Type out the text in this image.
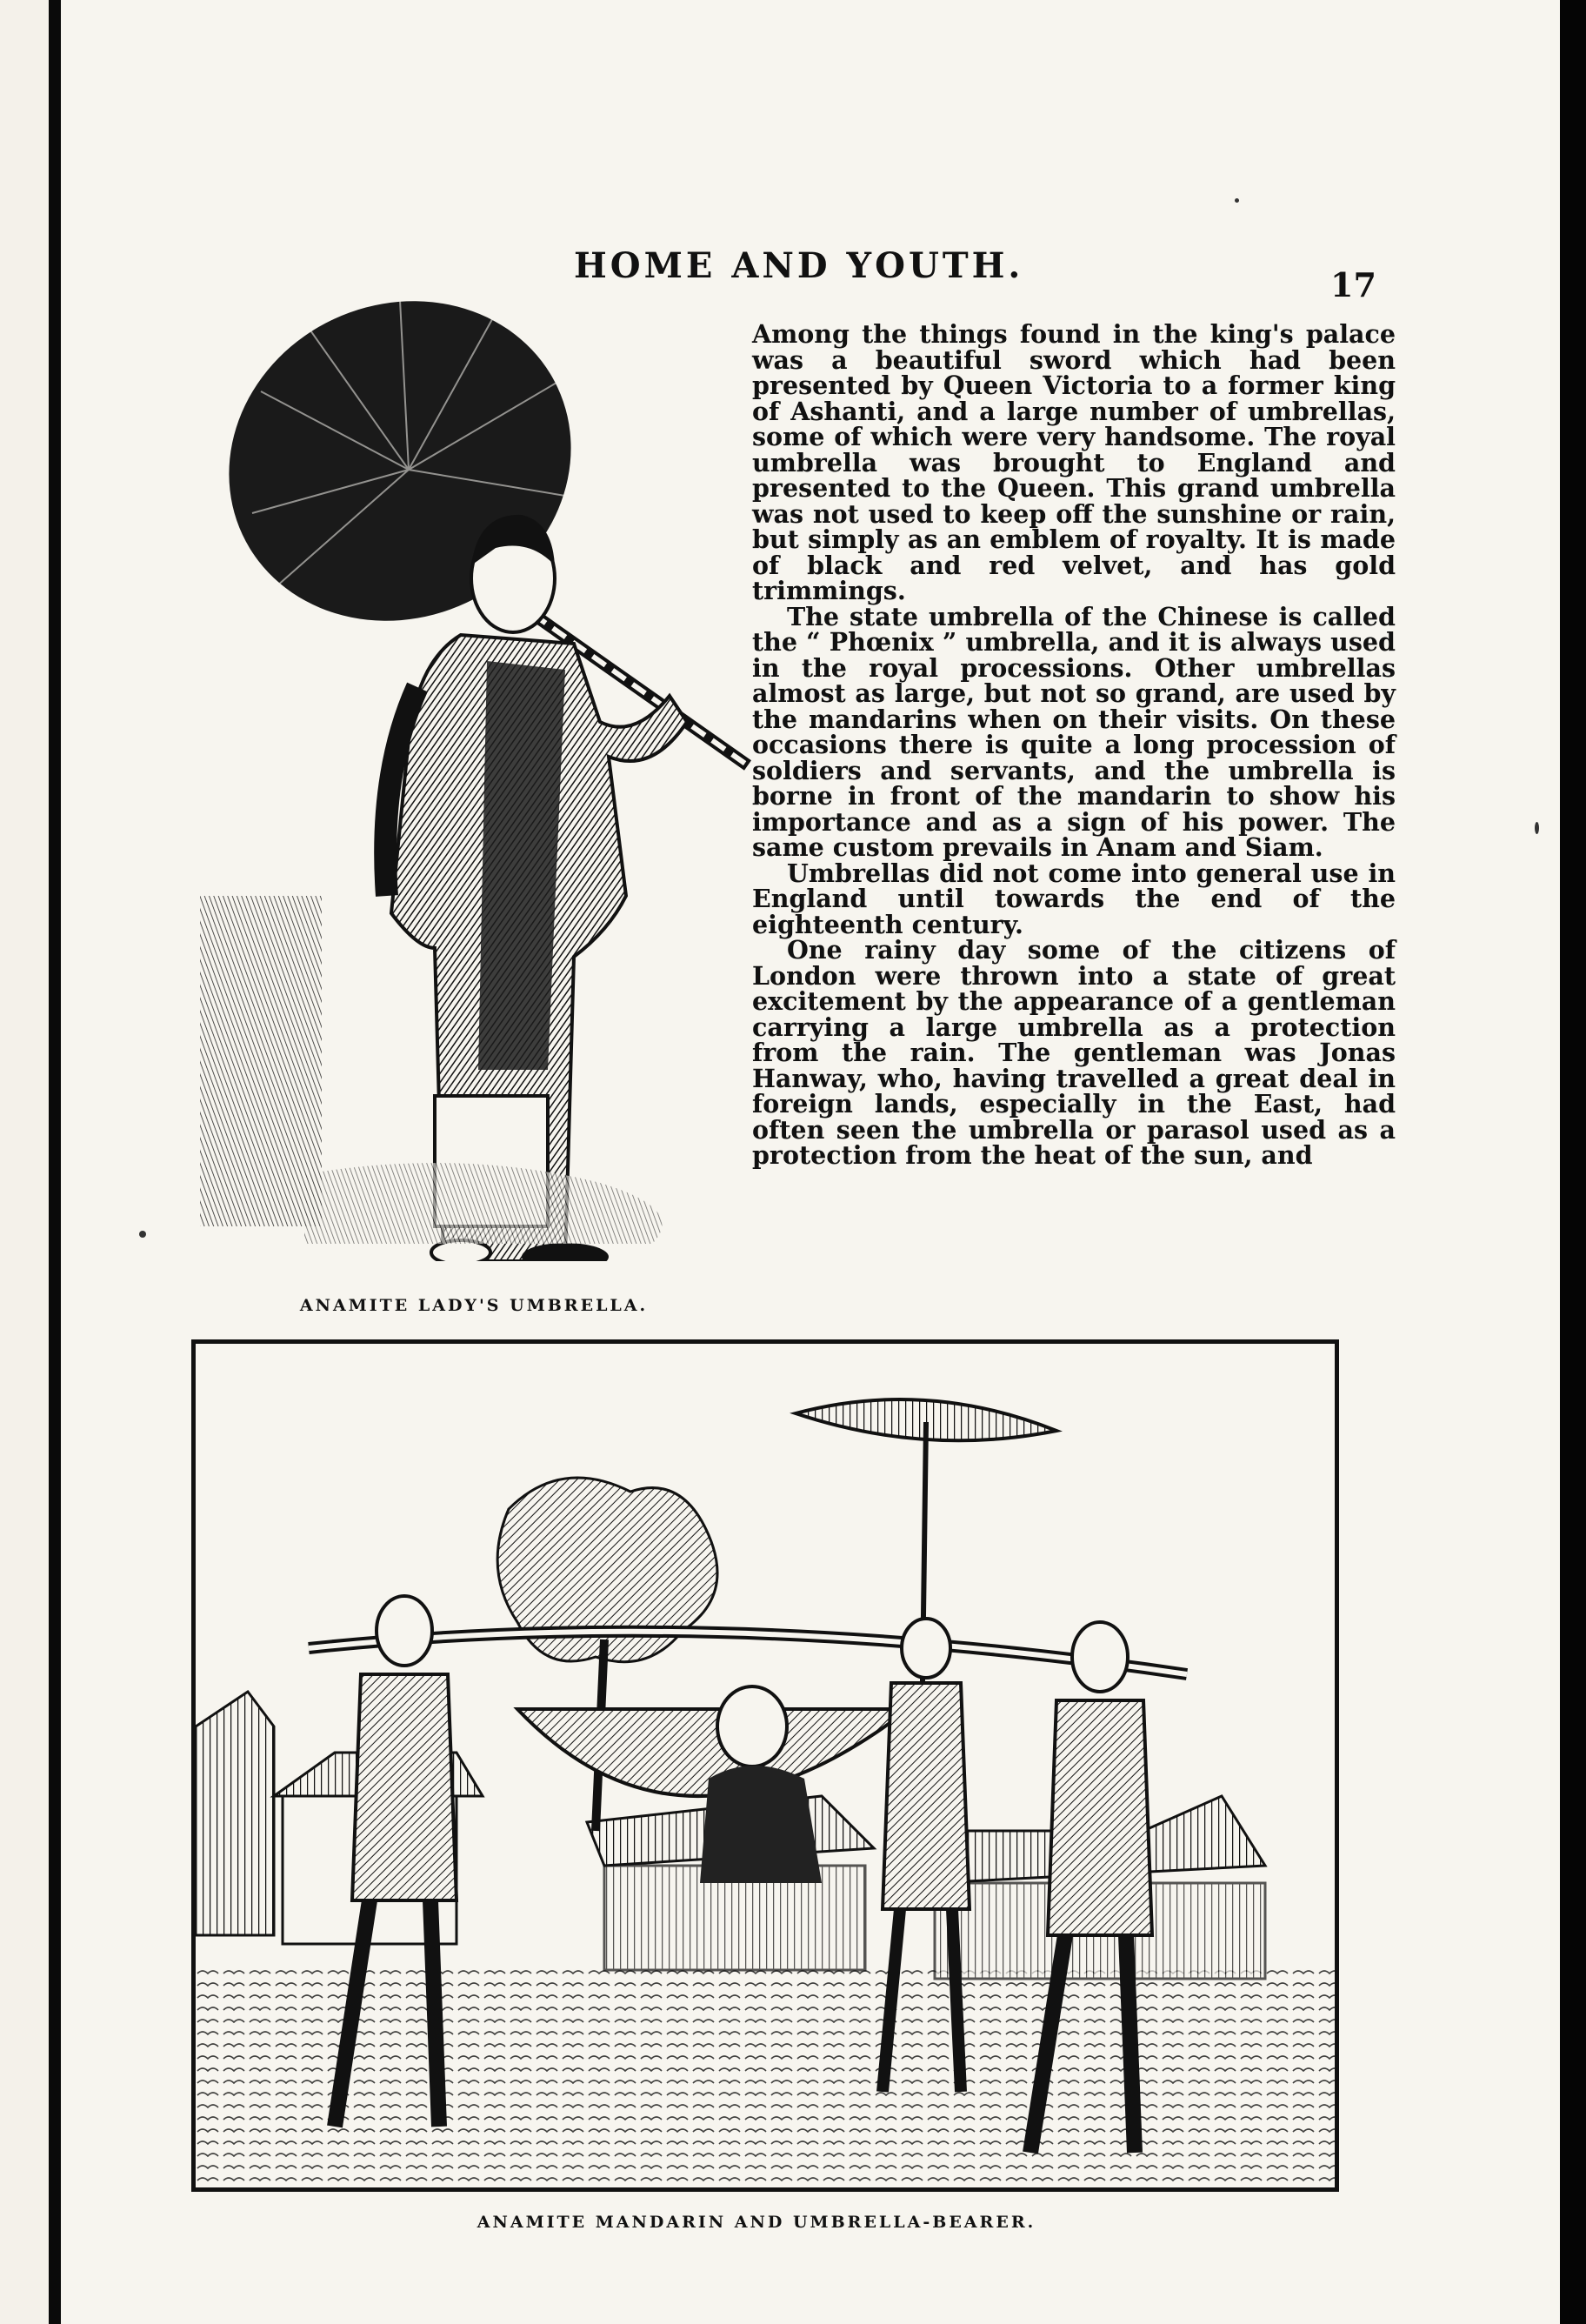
HOME AND YOUTH.	17
ANAMITE LADY'S UMBRELLA.

Among the things found in the king's palace was a beautiful sword which had been presented by Queen Victoria to a former king of Ashanti, and a large number of umbrellas, some of which were very handsome. The royal umbrella was brought to England and presented to the Queen. This grand umbrella was not used to keep off the sunshine or rain, but simply as an emblem of royalty. It is made of black and red velvet, and has gold trimmings.

The state umbrella of the Chinese is called the “ Phœnix ” umbrella, and it is always used in the royal processions. Other umbrellas almost as large, but not so grand, are used by the mandarins when on their visits. On these occasions there is quite a long procession of soldiers and servants, and the umbrella is borne in front of the mandarin to show his importance and as a sign of his power. The same custom prevails in Anam and Siam.

Umbrellas did not come into general use in England until towards the end of the eighteenth century.

One rainy day some of the citizens of London were thrown into a state of great excitement by the appearance of a gentleman carrying a large umbrella as a protection from the rain. The gentleman was Jonas Hanway, who, having travelled a great deal in foreign lands, especially in the East, had often seen the umbrella or parasol used as a protection from the heat of the sun, and

ANAMITE MANDARIN AND UMBRELLA-BEARER.
